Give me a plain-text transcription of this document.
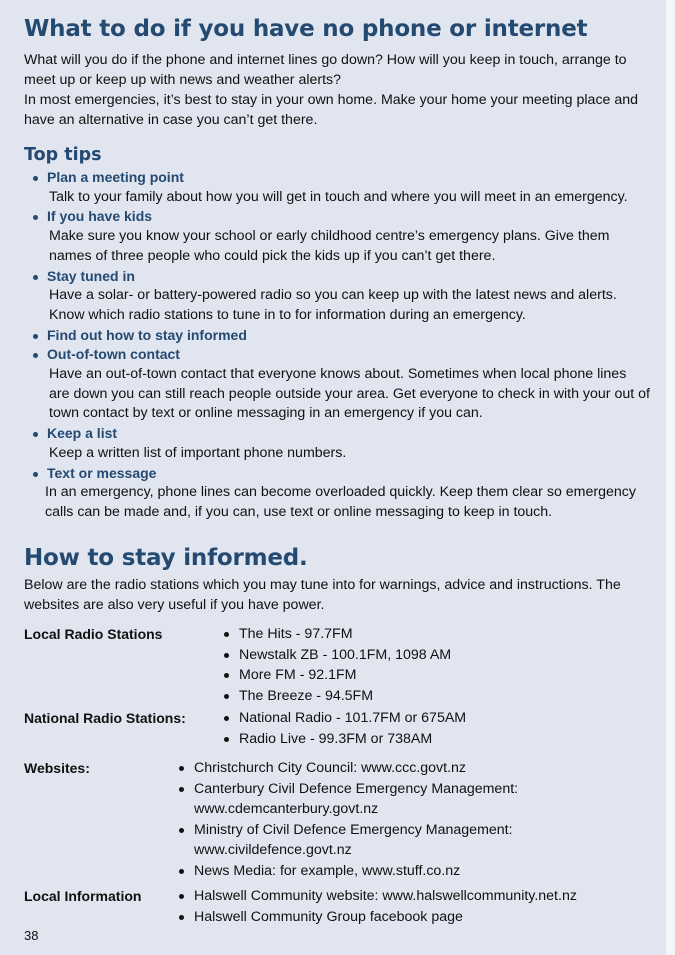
What to do if you have no phone or internet

What will you do if the phone and internet lines go down? How will you keep in touch, arrange to meet up or keep up with news and weather alerts?

In most emergencies, it’s best to stay in your own home. Make your home your meeting place and have an alternative in case you can’t get there.

Top tips
Plan a meeting point
Talk to your family about how you will get in touch and where you will meet in an emergency.
If you have kids
Make sure you know your school or early childhood centre’s emergency plans. Give them names of three people who could pick the kids up if you can’t get there.
Stay tuned in
Have a solar- or battery-powered radio so you can keep up with the latest news and alerts. Know which radio stations to tune in to for information during an emergency.
Find out how to stay informed
Out-of-town contact
Have an out-of-town contact that everyone knows about. Sometimes when local phone lines are down you can still reach people outside your area. Get everyone to check in with your out of town contact by text or online messaging in an emergency if you can.
Keep a list
Keep a written list of important phone numbers.
Text or message
In an emergency, phone lines can become overloaded quickly. Keep them clear so emergency calls can be made and, if you can, use text or online messaging to keep in touch.
How to stay informed.

Below are the radio stations which you may tune into for warnings, advice and instructions. The websites are also very useful if you have power.

Local Radio Stations	The Hits - 97.7FM
Newstalk ZB - 100.1FM, 1098 AM
More FM - 92.1FM
The Breeze - 94.5FM
National Radio Stations:	National Radio - 101.7FM or 675AM
Radio Live - 99.3FM or 738AM
Websites:	Christchurch City Council: www.ccc.govt.nz
Canterbury Civil Defence Emergency Management: www.cdemcanterbury.govt.nz
Ministry of Civil Defence Emergency Management: www.civildefence.govt.nz
News Media: for example, www.stuff.co.nz
Local Information	Halswell Community website: www.halswellcommunity.net.nz
Halswell Community Group facebook page
38
